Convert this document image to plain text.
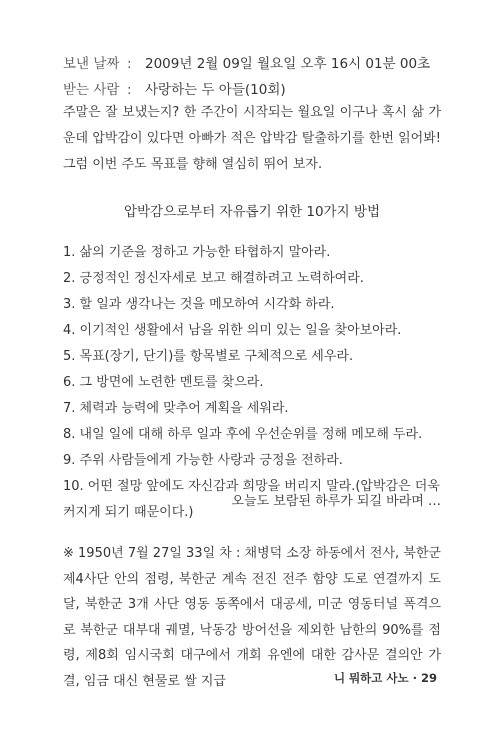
보낸 날짜 : 2009년 2월 09일 월요일 오후 16시 01분 00초
받는 사람 : 사랑하는 두 아들(10회)

주말은 잘 보냈는지? 한 주간이 시작되는 월요일 이구나 혹시 삶 가운데 압박감이 있다면 아빠가 적은 압박감 탈출하기를 한번 읽어봐! 그럼 이번 주도 목표를 향해 열심히 뛰어 보자.

압박감으로부터 자유롭기 위한 10가지 방법
1. 삶의 기준을 정하고 가능한 타협하지 말아라.
2. 긍정적인 정신자세로 보고 해결하려고 노력하여라.
3. 할 일과 생각나는 것을 메모하여 시각화 하라.
4. 이기적인 생활에서 남을 위한 의미 있는 일을 찾아보아라.
5. 목표(장기, 단기)를 항목별로 구체적으로 세우라.
6. 그 방면에 노련한 멘토를 찾으라.
7. 체력과 능력에 맞추어 계획을 세워라.
8. 내일 일에 대해 하루 일과 후에 우선순위를 정해 메모해 두라.
9. 주위 사람들에게 가능한 사랑과 긍정을 전하라.
10. 어떤 절망 앞에도 자신감과 희망을 버리지 말라.(압박감은 더욱 커지게 되기 때문이다.)
오늘도 보람된 하루가 되길 바라며 …

※ 1950년 7월 27일 33일 차 : 채병덕 소장 하동에서 전사, 북한군 제4사단 안의 점령, 북한군 계속 전진 전주 함양 도로 연결까지 도달, 북한군 3개 사단 영동 동쪽에서 대공세, 미군 영동터널 폭격으로 북한군 대부대 궤멸, 낙동강 방어선을 제외한 남한의 90%를 점령, 제8회 임시국회 대구에서 개회 유엔에 대한 감사문 결의안 가결, 임금 대신 현물로 쌀 지급	니 뭐하고 사노 · 29
